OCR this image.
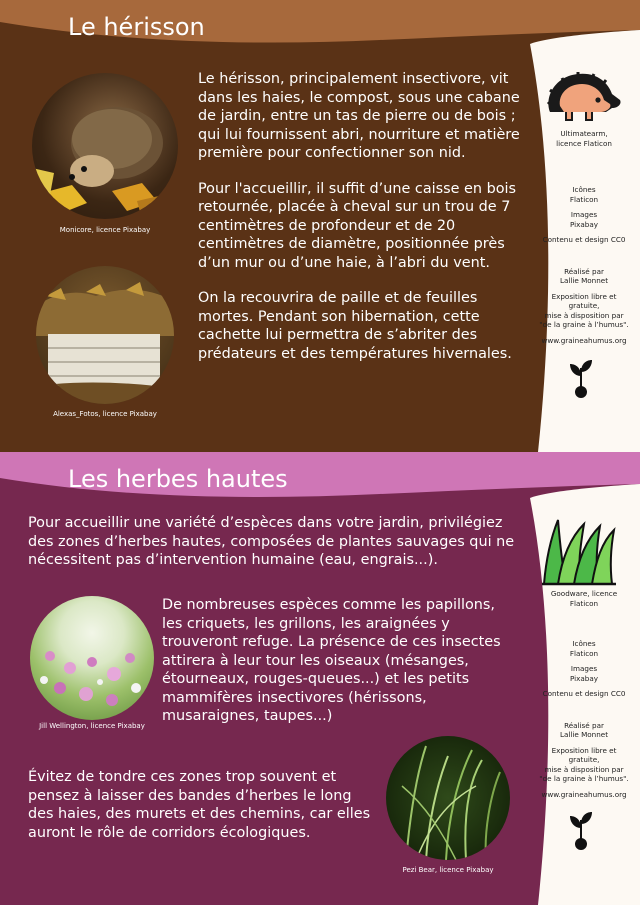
Le hérisson
Monicore, licence Pixabay
Alexas_Fotos, licence Pixabay

Le hérisson, principalement insectivore, vit dans les haies, le compost, sous une cabane de jardin, entre un tas de pierre ou de bois ; qui lui fournissent abri, nourriture et matière première pour confectionner son nid.

Pour l'accueillir, il suffit d’une caisse en bois retournée, placée à cheval sur un trou de 7 centimètres de profondeur et de 20 centimètres de diamètre, positionnée près d’un mur ou d’une haie, à l’abri du vent.

On la recouvrira de paille et de feuilles mortes. Pendant son hibernation, cette cachette lui permettra de s’abriter des prédateurs et des températures hivernales.

Ultimatearm,
licence Flaticon
Icônes
Flaticon
Images
Pixabay
Contenu et design CC0
Réalisé par
Lallie Monnet
Exposition libre et gratuite,
mise à disposition par
"de la graine à l’humus".
www.graineahumus.org
Les herbes hautes
Pour accueillir une variété d’espèces dans votre jardin, privilégiez des zones d’herbes hautes, composées de plantes sauvages qui ne nécessitent pas d’intervention humaine (eau, engrais...).
Jill Wellington, licence Pixabay
De nombreuses espèces comme les papillons, les criquets, les grillons, les araignées y trouveront refuge. La présence de ces insectes attirera à leur tour les oiseaux (mésanges, étourneaux, rouges-queues...) et les petits mammifères insectivores (hérissons, musaraignes, taupes...)
Évitez de tondre ces zones trop souvent et pensez à laisser des bandes d’herbes le long des haies, des murets et des chemins, car elles auront le rôle de corridors écologiques.
Pezi Bear, licence Pixabay
Goodware, licence Flaticon
Icônes
Flaticon
Images
Pixabay
Contenu et design CC0
Réalisé par
Lallie Monnet
Exposition libre et gratuite,
mise à disposition par
"de la graine à l’humus".
www.graineahumus.org
